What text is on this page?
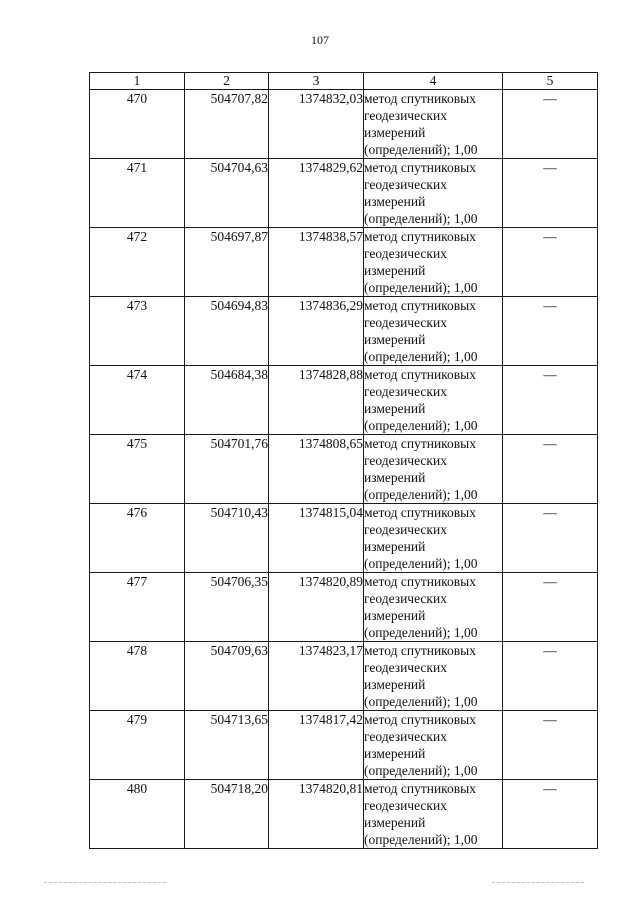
107
1	2	3	4	5
470	504707,82	1374832,03	метод спутниковых
геодезических
измерений
(определений); 1,00	—
471	504704,63	1374829,62	метод спутниковых
геодезических
измерений
(определений); 1,00	—
472	504697,87	1374838,57	метод спутниковых
геодезических
измерений
(определений); 1,00	—
473	504694,83	1374836,29	метод спутниковых
геодезических
измерений
(определений); 1,00	—
474	504684,38	1374828,88	метод спутниковых
геодезических
измерений
(определений); 1,00	—
475	504701,76	1374808,65	метод спутниковых
геодезических
измерений
(определений); 1,00	—
476	504710,43	1374815,04	метод спутниковых
геодезических
измерений
(определений); 1,00	—
477	504706,35	1374820,89	метод спутниковых
геодезических
измерений
(определений); 1,00	—
478	504709,63	1374823,17	метод спутниковых
геодезических
измерений
(определений); 1,00	—
479	504713,65	1374817,42	метод спутниковых
геодезических
измерений
(определений); 1,00	—
480	504718,20	1374820,81	метод спутниковых
геодезических
измерений
(определений); 1,00	—
